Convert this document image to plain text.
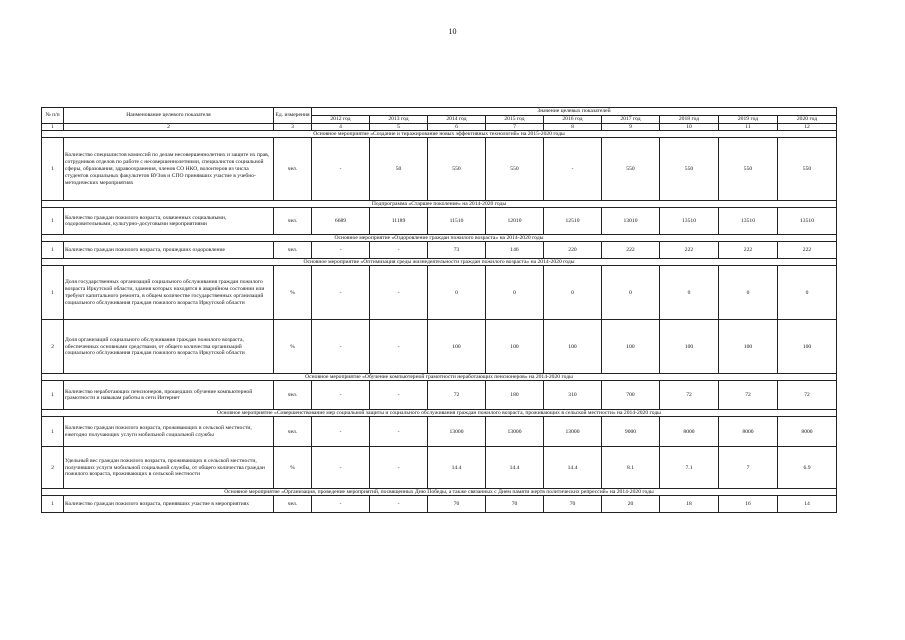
10
№ п/п	Наименование целевого показателя	Ед. измерения	Значение целевых показателей								
			2012 год	2013 год	2014 год	2015 год	2016 год	2017 год	2018 год	2019 год	2020 год
1	2	3	4	5	6	7	8	9	10	11	12
Основное мероприятие «Создание и тиражирование новых эффективных технологий» на 2015-2020 годы											
1	Количество специалистов комиссий по делам несовершеннолетних и защите их прав, сотрудников отделов по работе с несовершеннолетними, специалистов социальной сферы, образования, здравоохранения, членов СО НКО, волонтеров из числа студентов социальных факультетов ВУЗов и СПО принявших участие в учебно-методических мероприятиях	чел.	-	50	550	550	-	550	550	550	550
Подпрограмма «Старшее поколение» на 2014-2020 годы											
1	Количество граждан пожилого возраста, охваченных социальными, оздоровительными, культурно-досуговыми мероприятиями	чел.	6689	11189	11510	12010	12510	13010	13510	13510	13510
Основное мероприятие «Оздоровление граждан пожилого возраста» на 2014-2020 годы											
1	Количество граждан пожилого возраста, прошедших оздоровление	чел.	-	-	73	146	220	222	222	222	222
Основное мероприятие «Оптимизация среды жизнедеятельности граждан пожилого возраста» на 2014-2020 годы											
1	Доля государственных организаций социального обслуживания граждан пожилого возраста Иркутской области, здания которых находятся в аварийном состоянии или требуют капитального ремонта, в общем количестве государственных организаций социального обслуживания граждан пожилого возраста Иркутской области	%	-	-	0	0	0	0	0	0	0
2	Доля организаций социального обслуживания граждан пожилого возраста, обеспеченных основными средствами, от общего количества организаций социального обслуживания граждан пожилого возраста Иркутской области	%	-	-	100	100	100	100	100	100	100
Основное мероприятие «Обучение компьютерной грамотности неработающих пенсионеров» на 2014-2020 годы											
1	Количество неработающих пенсионеров, прошедших обучение компьютерной грамотности и навыкам работы в сети Интернет	чел.	-	-	72	180	310	700	72	72	72
Основное мероприятие «Совершенствование мер социальной защиты и социального обслуживания граждан пожилого возраста, проживающих в сельской местности» на 2014-2020 годы											
1	Количество граждан пожилого возраста, проживающих в сельской местности, ежегодно получающих услуги мобильной социальной службы	чел.	-	-	13000	13000	13000	9000	8000	8000	8000
2	Удельный вес граждан пожилого возраста, проживающих в сельской местности, получивших услуги мобильной социальной службы, от общего количества граждан пожилого возраста, проживающих в сельской местности	%	-	-	14.4	14.4	14.4	8.1	7.1	7	6.9
Основное мероприятие «Организация, проведение мероприятий, посвященных Дню Победы, а также связанных с Днем памяти жертв политических репрессий» на 2014-2020 годы											
1	Количество граждан пожилого возраста, принявших участие в мероприятиях	чел.	-	-	70	70	70	20	18	16	14
